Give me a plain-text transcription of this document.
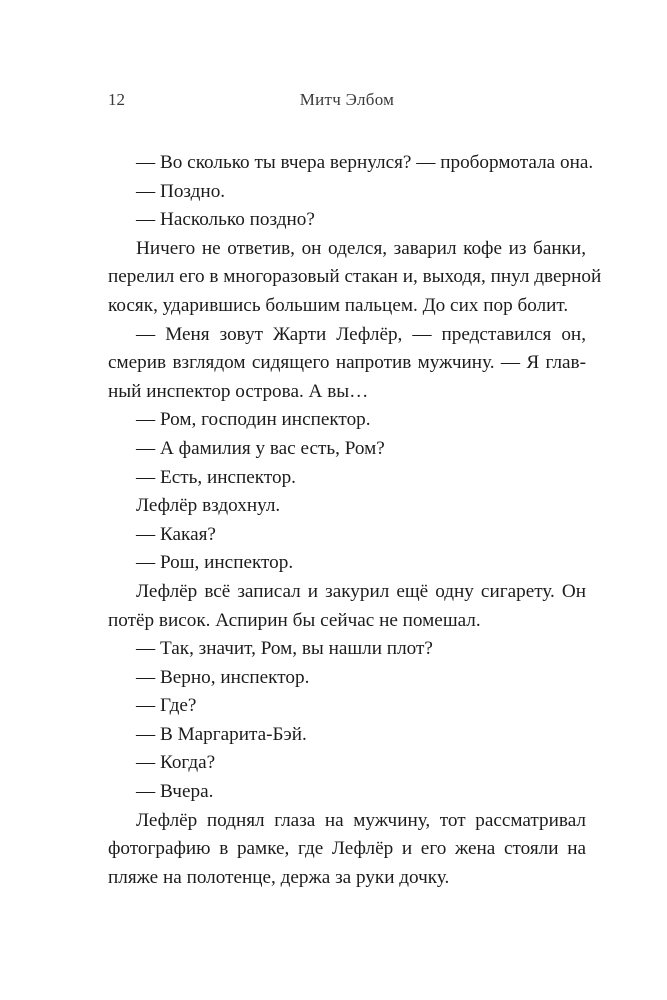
12	Митч Элбом

— Во сколько ты вчера вернулся? — пробормотала она.

— Поздно.

— Насколько поздно?

Ничего не ответив, он оделся, заварил кофе из банки,
перелил его в многоразовый стакан и, выходя, пнул дверной
косяк, ударившись большим пальцем. До сих пор болит.

— Меня зовут Жарти Лефлёр, — представился он,
смерив взглядом сидящего напротив мужчину. — Я глав-
ный инспектор острова. А вы…

— Ром, господин инспектор.

— А фамилия у вас есть, Ром?

— Есть, инспектор.

Лефлёр вздохнул.

— Какая?

— Рош, инспектор.

Лефлёр всё записал и закурил ещё одну сигарету. Он
потёр висок. Аспирин бы сейчас не помешал.

— Так, значит, Ром, вы нашли плот?

— Верно, инспектор.

— Где?

— В Маргарита-Бэй.

— Когда?

— Вчера.

Лефлёр поднял глаза на мужчину, тот рассматривал
фотографию в рамке, где Лефлёр и его жена стояли на
пляже на полотенце, держа за руки дочку.
